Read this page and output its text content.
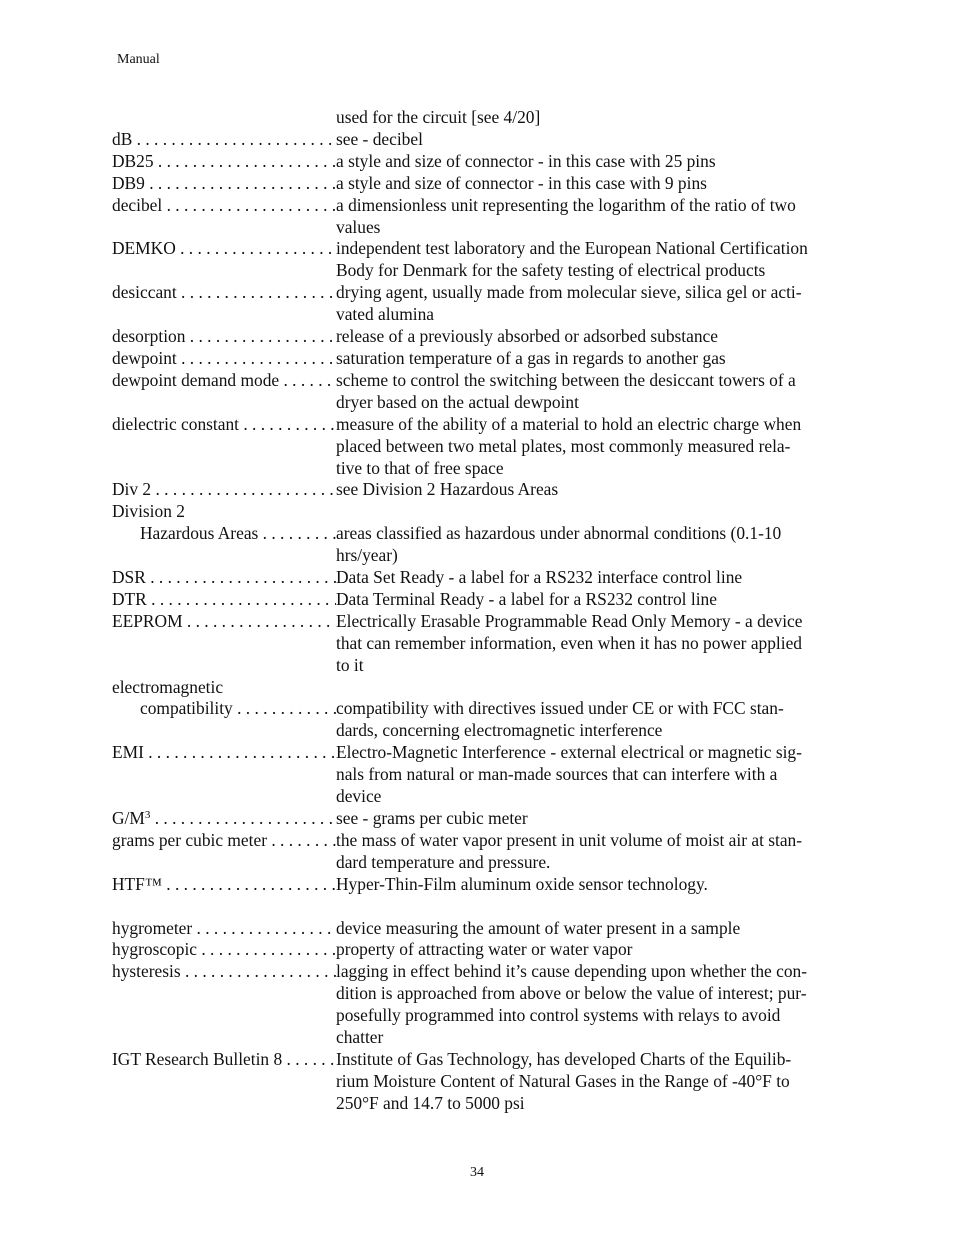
Manual
used for the circuit [see 4/20]
dB . . .	see - decibel
DB25 . . .	a style and size of connector - in this case with 25 pins
DB9 . . .	a style and size of connector - in this case with 9 pins
decibel . . .	a dimensionless unit representing the logarithm of the ratio of two
values
DEMKO . . .	independent test laboratory and the European National Certification
Body for Denmark for the safety testing of electrical products
desiccant . . .	drying agent, usually made from molecular sieve, silica gel or acti-
vated alumina
desorption . . .	release of a previously absorbed or adsorbed substance
dewpoint . . .	saturation temperature of a gas in regards to another gas
dewpoint demand mode . . .	scheme to control the switching between the desiccant towers of a
dryer based on the actual dewpoint
dielectric constant . . .	measure of the ability of a material to hold an electric charge when
placed between two metal plates, most commonly measured rela-
tive to that of free space
Div 2 . . .	see Division 2 Hazardous Areas
Division 2
Hazardous Areas . . .	areas classified as hazardous under abnormal conditions (0.1-10
hrs/year)
DSR . . .	Data Set Ready - a label for a RS232 interface control line
DTR . . .	Data Terminal Ready - a label for a RS232 control line
EEPROM . . .	Electrically Erasable Programmable Read Only Memory - a device
that can remember information, even when it has no power applied
to it
electromagnetic
compatibility . . .	compatibility with directives issued under CE or with FCC stan-
dards, concerning electromagnetic interference
EMI . . .	Electro-Magnetic Interference - external electrical or magnetic sig-
nals from natural or man-made sources that can interfere with a
device
$G/M^3$ . . .	see - grams per cubic meter
grams per cubic meter . . .	the mass of water vapor present in unit volume of moist air at stan-
dard temperature and pressure.
HTF™ . . .	Hyper-Thin-Film aluminum oxide sensor technology.
hygrometer . . .	device measuring the amount of water present in a sample
hygroscopic . . .	property of attracting water or water vapor
hysteresis . . .	lagging in effect behind it’s cause depending upon whether the con-
dition is approached from above or below the value of interest; pur-
posefully programmed into control systems with relays to avoid
chatter
IGT Research Bulletin 8 . . .	Institute of Gas Technology, has developed Charts of the Equilib-
rium Moisture Content of Natural Gases in the Range of -40°F to
250°F and 14.7 to 5000 psi
34
